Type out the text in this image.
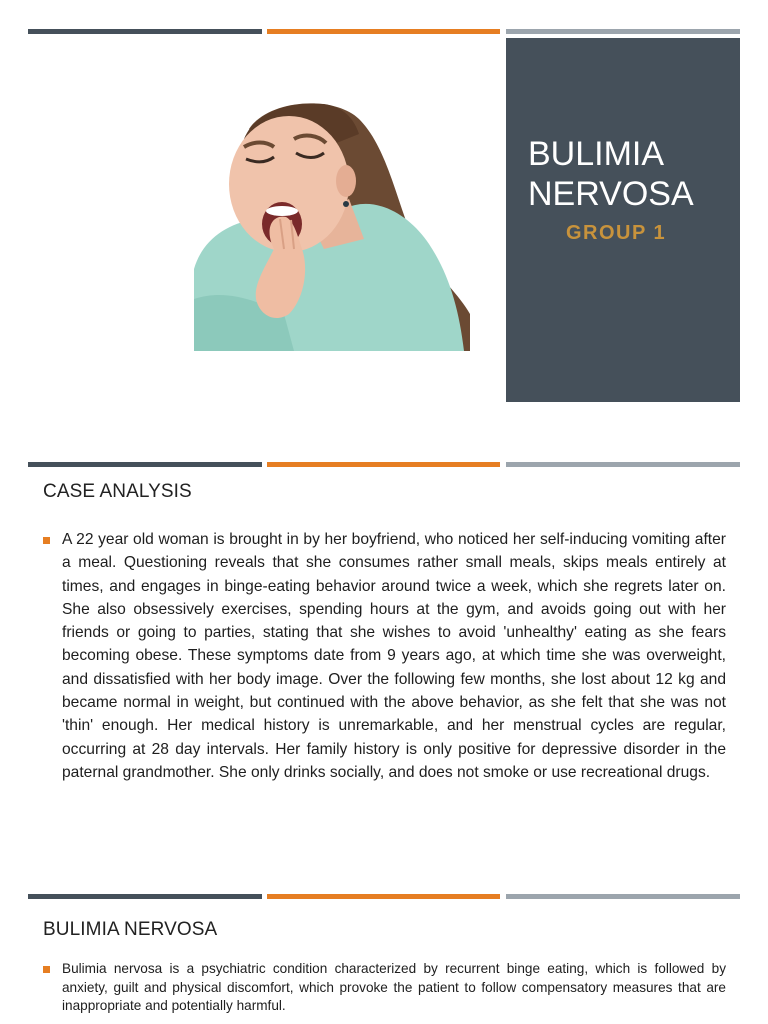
BULIMIA
NERVOSA
GROUP 1
CASE ANALYSIS
A 22 year old woman is brought in by her boyfriend, who noticed her self-inducing vomiting after a meal. Questioning reveals that she consumes rather small meals, skips meals entirely at times, and engages in binge-eating behavior around twice a week, which she regrets later on. She also obsessively exercises, spending hours at the gym, and avoids going out with her friends or going to parties, stating that she wishes to avoid 'unhealthy' eating as she fears becoming obese. These symptoms date from 9 years ago, at which time she was overweight, and dissatisfied with her body image. Over the following few months, she lost about 12 kg and became normal in weight, but continued with the above behavior, as she felt that she was not 'thin' enough. Her medical history is unremarkable, and her menstrual cycles are regular, occurring at 28 day intervals. Her family history is only positive for depressive disorder in the paternal grandmother. She only drinks socially, and does not smoke or use recreational drugs.
BULIMIA NERVOSA
Bulimia nervosa is a psychiatric condition characterized by recurrent binge eating, which is followed by anxiety, guilt and physical discomfort, which provoke the patient to follow compensatory measures that are inappropriate and potentially harmful.
